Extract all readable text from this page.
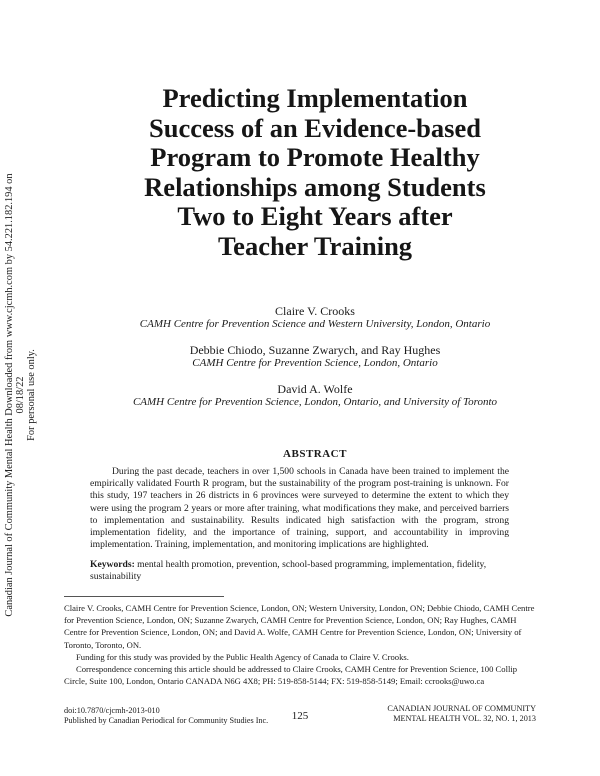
Canadian Journal of Community Mental Health Downloaded from www.cjcmh.com by 54.221.182.194 on 08/18/22 For personal use only.
Predicting Implementation
Success of an Evidence-based
Program to Promote Healthy
Relationships among Students
Two to Eight Years after
Teacher Training
Claire V. Crooks
CAMH Centre for Prevention Science and Western University, London, Ontario
Debbie Chiodo, Suzanne Zwarych, and Ray Hughes
CAMH Centre for Prevention Science, London, Ontario
David A. Wolfe
CAMH Centre for Prevention Science, London, Ontario, and University of Toronto
ABSTRACT

During the past decade, teachers in over 1,500 schools in Canada have been trained to implement the empirically validated Fourth R program, but the sustainability of the program post-training is unknown. For this study, 197 teachers in 26 districts in 6 provinces were surveyed to determine the extent to which they were using the program 2 years or more after training, what modifications they make, and perceived barriers to implementation and sustainability. Results indicated high satisfaction with the program, strong implementation fidelity, and the importance of training, support, and accountability in improving implementation. Training, implementation, and monitoring implications are highlighted.

Keywords: mental health promotion, prevention, school-based programming, implementation, fidelity, sustainability

Claire V. Crooks, CAMH Centre for Prevention Science, London, ON; Western University, London, ON; Debbie Chiodo, CAMH Centre for Prevention Science, London, ON; Suzanne Zwarych, CAMH Centre for Prevention Science, London, ON; Ray Hughes, CAMH Centre for Prevention Science, London, ON; and David A. Wolfe, CAMH Centre for Prevention Science, London, ON; University of Toronto, Toronto, ON.

Funding for this study was provided by the Public Health Agency of Canada to Claire V. Crooks.

Correspondence concerning this article should be addressed to Claire Crooks, CAMH Centre for Prevention Science, 100 Collip Circle, Suite 100, London, Ontario CANADA N6G 4X8; PH: 519-858-5144; FX: 519-858-5149; Email: ccrooks@uwo.ca

doi:10.7870/cjcmh-2013-010
Published by Canadian Periodical for Community Studies Inc.	125
CANADIAN JOURNAL OF COMMUNITY
MENTAL HEALTH VOL. 32, NO. 1, 2013
